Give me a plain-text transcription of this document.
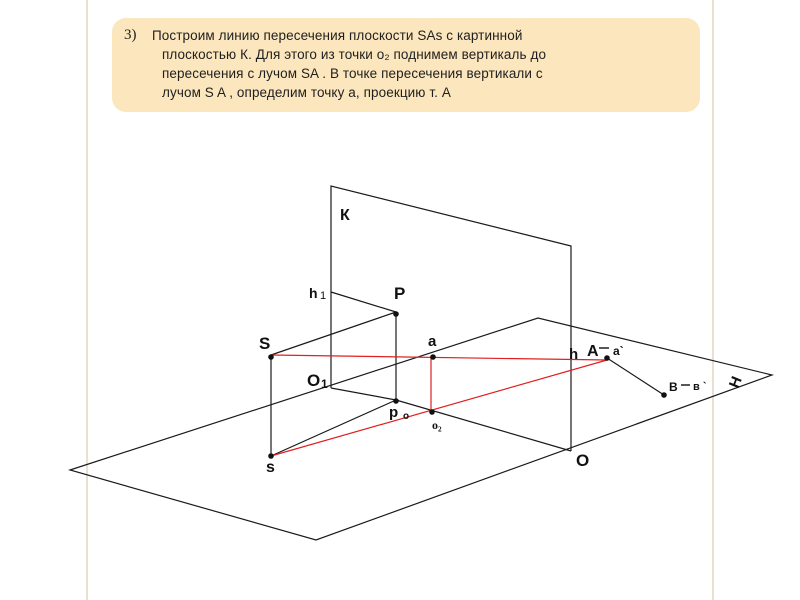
3) Построим линию пересечения плоскости SAs с картинной
плоскостью К. Для этого из точки o₂ поднимем вертикаль до
пересечения с лучом SA . В точке пересечения вертикали с
лучом S A , определим точку а, проекцию т. А
К
h 1	P
S	a
h A a`
O 1
p o
o₂
s	O
B в ` Н
